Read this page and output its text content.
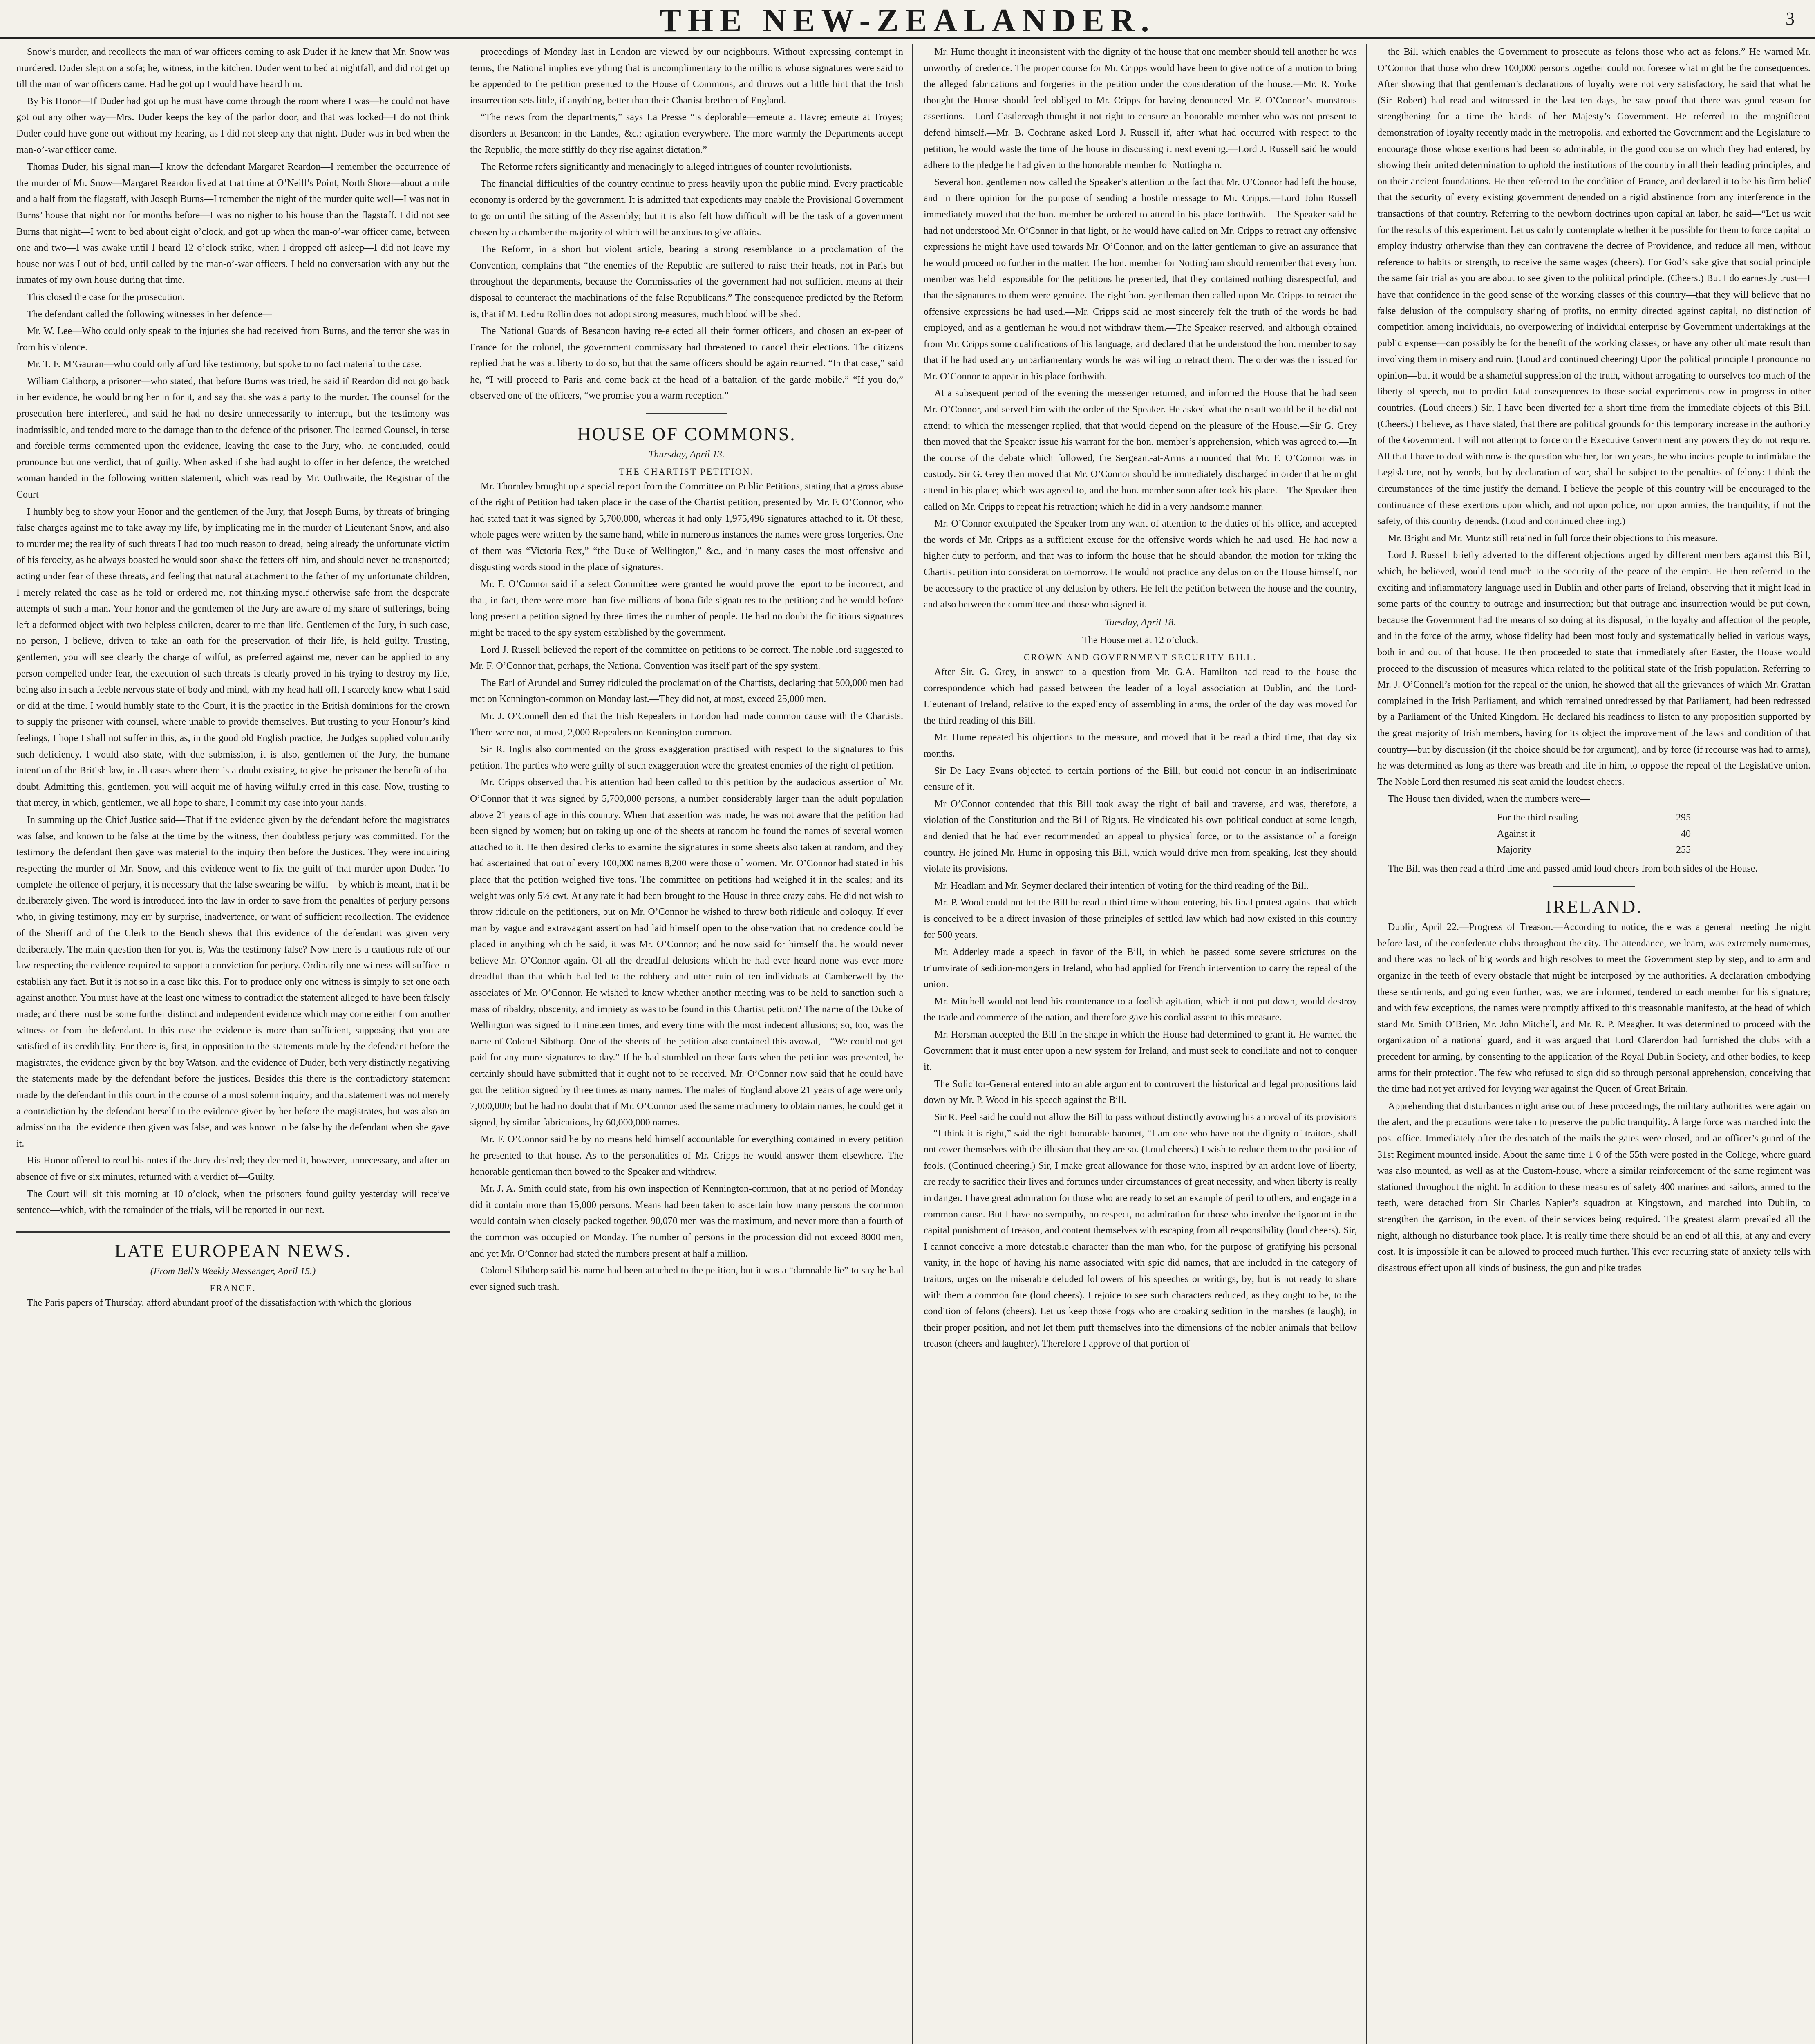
THE NEW-ZEALANDER.	3

Snow’s murder, and recollects the man of war officers coming to ask Duder if he knew that Mr. Snow was murdered. Duder slept on a sofa; he, witness, in the kitchen. Duder went to bed at nightfall, and did not get up till the man of war officers came. Had he got up I would have heard him.

By his Honor—If Duder had got up he must have come through the room where I was—he could not have got out any other way—Mrs. Duder keeps the key of the parlor door, and that was locked—I do not think Duder could have gone out without my hearing, as I did not sleep any that night. Duder was in bed when the man-o’-war officer came.

Thomas Duder, his signal man—I know the defendant Margaret Reardon—I remember the occurrence of the murder of Mr. Snow—Margaret Reardon lived at that time at O’Neill’s Point, North Shore—about a mile and a half from the flagstaff, with Joseph Burns—I remember the night of the murder quite well—I was not in Burns’ house that night nor for months before—I was no nigher to his house than the flagstaff. I did not see Burns that night—I went to bed about eight o’clock, and got up when the man-o’-war officer came, between one and two—I was awake until I heard 12 o’clock strike, when I dropped off asleep—I did not leave my house nor was I out of bed, until called by the man-o’-war officers. I held no conversation with any but the inmates of my own house during that time.

This closed the case for the prosecution.

The defendant called the following witnesses in her defence—

Mr. W. Lee—Who could only speak to the injuries she had received from Burns, and the terror she was in from his violence.

Mr. T. F. M’Gauran—who could only afford like testimony, but spoke to no fact material to the case.

William Calthorp, a prisoner—who stated, that before Burns was tried, he said if Reardon did not go back in her evidence, he would bring her in for it, and say that she was a party to the murder. The counsel for the prosecution here interfered, and said he had no desire unnecessarily to interrupt, but the testimony was inadmissible, and tended more to the damage than to the defence of the prisoner. The learned Counsel, in terse and forcible terms commented upon the evidence, leaving the case to the Jury, who, he concluded, could pronounce but one verdict, that of guilty. When asked if she had aught to offer in her defence, the wretched woman handed in the following written statement, which was read by Mr. Outhwaite, the Registrar of the Court—

I humbly beg to show your Honor and the gentlemen of the Jury, that Joseph Burns, by threats of bringing false charges against me to take away my life, by implicating me in the murder of Lieutenant Snow, and also to murder me; the reality of such threats I had too much reason to dread, being already the unfortunate victim of his ferocity, as he always boasted he would soon shake the fetters off him, and should never be transported; acting under fear of these threats, and feeling that natural attachment to the father of my unfortunate children, I merely related the case as he told or ordered me, not thinking myself otherwise safe from the desperate attempts of such a man. Your honor and the gentlemen of the Jury are aware of my share of sufferings, being left a deformed object with two helpless children, dearer to me than life. Gentlemen of the Jury, in such case, no person, I believe, driven to take an oath for the preservation of their life, is held guilty. Trusting, gentlemen, you will see clearly the charge of wilful, as preferred against me, never can be applied to any person compelled under fear, the execution of such threats is clearly proved in his trying to destroy my life, being also in such a feeble nervous state of body and mind, with my head half off, I scarcely knew what I said or did at the time. I would humbly state to the Court, it is the practice in the British dominions for the crown to supply the prisoner with counsel, where unable to provide themselves. But trusting to your Honour’s kind feelings, I hope I shall not suffer in this, as, in the good old English practice, the Judges supplied voluntarily such deficiency. I would also state, with due submission, it is also, gentlemen of the Jury, the humane intention of the British law, in all cases where there is a doubt existing, to give the prisoner the benefit of that doubt. Admitting this, gentlemen, you will acquit me of having wilfully erred in this case. Now, trusting to that mercy, in which, gentlemen, we all hope to share, I commit my case into your hands.

In summing up the Chief Justice said—That if the evidence given by the defendant before the magistrates was false, and known to be false at the time by the witness, then doubtless perjury was committed. For the testimony the defendant then gave was material to the inquiry then before the Justices. They were inquiring respecting the murder of Mr. Snow, and this evidence went to fix the guilt of that murder upon Duder. To complete the offence of perjury, it is necessary that the false swearing be wilful—by which is meant, that it be deliberately given. The word is introduced into the law in order to save from the penalties of perjury persons who, in giving testimony, may err by surprise, inadvertence, or want of sufficient recollection. The evidence of the Sheriff and of the Clerk to the Bench shews that this evidence of the defendant was given very deliberately. The main question then for you is, Was the testimony false? Now there is a cautious rule of our law respecting the evidence required to support a conviction for perjury. Ordinarily one witness will suffice to establish any fact. But it is not so in a case like this. For to produce only one witness is simply to set one oath against another. You must have at the least one witness to contradict the statement alleged to have been falsely made; and there must be some further distinct and independent evidence which may come either from another witness or from the defendant. In this case the evidence is more than sufficient, supposing that you are satisfied of its credibility. For there is, first, in opposition to the statements made by the defendant before the magistrates, the evidence given by the boy Watson, and the evidence of Duder, both very distinctly negativing the statements made by the defendant before the justices. Besides this there is the contradictory statement made by the defendant in this court in the course of a most solemn inquiry; and that statement was not merely a contradiction by the defendant herself to the evidence given by her before the magistrates, but was also an admission that the evidence then given was false, and was known to be false by the defendant when she gave it.

His Honor offered to read his notes if the Jury desired; they deemed it, however, unnecessary, and after an absence of five or six minutes, returned with a verdict of—Guilty.

The Court will sit this morning at 10 o’clock, when the prisoners found guilty yesterday will receive sentence—which, with the remainder of the trials, will be reported in our next.

LATE EUROPEAN NEWS.
(From Bell’s Weekly Messenger, April 15.)
FRANCE.

The Paris papers of Thursday, afford abundant proof of the dissatisfaction with which the glorious

proceedings of Monday last in London are viewed by our neighbours. Without expressing contempt in terms, the National implies everything that is uncomplimentary to the millions whose signatures were said to be appended to the petition presented to the House of Commons, and throws out a little hint that the Irish insurrection sets little, if anything, better than their Chartist brethren of England.

“The news from the departments,” says La Presse “is deplorable—emeute at Havre; emeute at Troyes; disorders at Besancon; in the Landes, &c.; agitation everywhere. The more warmly the Departments accept the Republic, the more stiffly do they rise against dictation.”

The Reforme refers significantly and menacingly to alleged intrigues of counter revolutionists.

The financial difficulties of the country continue to press heavily upon the public mind. Every practicable economy is ordered by the government. It is admitted that expedients may enable the Provisional Government to go on until the sitting of the Assembly; but it is also felt how difficult will be the task of a government chosen by a chamber the majority of which will be anxious to give affairs.

The Reform, in a short but violent article, bearing a strong resemblance to a proclamation of the Convention, complains that “the enemies of the Republic are suffered to raise their heads, not in Paris but throughout the departments, because the Commissaries of the government had not sufficient means at their disposal to counteract the machinations of the false Republicans.” The consequence predicted by the Reform is, that if M. Ledru Rollin does not adopt strong measures, much blood will be shed.

The National Guards of Besancon having re-elected all their former officers, and chosen an ex-peer of France for the colonel, the government commissary had threatened to cancel their elections. The citizens replied that he was at liberty to do so, but that the same officers should be again returned. “In that case,” said he, “I will proceed to Paris and come back at the head of a battalion of the garde mobile.” “If you do,” observed one of the officers, “we promise you a warm reception.”

HOUSE OF COMMONS.
Thursday, April 13.
THE CHARTIST PETITION.

Mr. Thornley brought up a special report from the Committee on Public Petitions, stating that a gross abuse of the right of Petition had taken place in the case of the Chartist petition, presented by Mr. F. O’Connor, who had stated that it was signed by 5,700,000, whereas it had only 1,975,496 signatures attached to it. Of these, whole pages were written by the same hand, while in numerous instances the names were gross forgeries. One of them was “Victoria Rex,” “the Duke of Wellington,” &c., and in many cases the most offensive and disgusting words stood in the place of signatures.

Mr. F. O’Connor said if a select Committee were granted he would prove the report to be incorrect, and that, in fact, there were more than five millions of bona fide signatures to the petition; and he would before long present a petition signed by three times the number of people. He had no doubt the fictitious signatures might be traced to the spy system established by the government.

Lord J. Russell believed the report of the committee on petitions to be correct. The noble lord suggested to Mr. F. O’Connor that, perhaps, the National Convention was itself part of the spy system.

The Earl of Arundel and Surrey ridiculed the proclamation of the Chartists, declaring that 500,000 men had met on Kennington-common on Monday last.—They did not, at most, exceed 25,000 men.

Mr. J. O’Connell denied that the Irish Repealers in London had made common cause with the Chartists. There were not, at most, 2,000 Repealers on Kennington-common.

Sir R. Inglis also commented on the gross exaggeration practised with respect to the signatures to this petition. The parties who were guilty of such exaggeration were the greatest enemies of the right of petition.

Mr. Cripps observed that his attention had been called to this petition by the audacious assertion of Mr. O’Connor that it was signed by 5,700,000 persons, a number considerably larger than the adult population above 21 years of age in this country. When that assertion was made, he was not aware that the petition had been signed by women; but on taking up one of the sheets at random he found the names of several women attached to it. He then desired clerks to examine the signatures in some sheets also taken at random, and they had ascertained that out of every 100,000 names 8,200 were those of women. Mr. O’Connor had stated in his place that the petition weighed five tons. The committee on petitions had weighed it in the scales; and its weight was only 5½ cwt. At any rate it had been brought to the House in three crazy cabs. He did not wish to throw ridicule on the petitioners, but on Mr. O’Connor he wished to throw both ridicule and obloquy. If ever man by vague and extravagant assertion had laid himself open to the observation that no credence could be placed in anything which he said, it was Mr. O’Connor; and he now said for himself that he would never believe Mr. O’Connor again. Of all the dreadful delusions which he had ever heard none was ever more dreadful than that which had led to the robbery and utter ruin of ten individuals at Camberwell by the associates of Mr. O’Connor. He wished to know whether another meeting was to be held to sanction such a mass of ribaldry, obscenity, and impiety as was to be found in this Chartist petition? The name of the Duke of Wellington was signed to it nineteen times, and every time with the most indecent allusions; so, too, was the name of Colonel Sibthorp. One of the sheets of the petition also contained this avowal,—“We could not get paid for any more signatures to-day.” If he had stumbled on these facts when the petition was presented, he certainly should have submitted that it ought not to be received. Mr. O’Connor now said that he could have got the petition signed by three times as many names. The males of England above 21 years of age were only 7,000,000; but he had no doubt that if Mr. O’Connor used the same machinery to obtain names, he could get it signed, by similar fabrications, by 60,000,000 names.

Mr. F. O’Connor said he by no means held himself accountable for everything contained in every petition he presented to that house. As to the personalities of Mr. Cripps he would answer them elsewhere. The honorable gentleman then bowed to the Speaker and withdrew.

Mr. J. A. Smith could state, from his own inspection of Kennington-common, that at no period of Monday did it contain more than 15,000 persons. Means had been taken to ascertain how many persons the common would contain when closely packed together. 90,070 men was the maximum, and never more than a fourth of the common was occupied on Monday. The number of persons in the procession did not exceed 8000 men, and yet Mr. O’Connor had stated the numbers present at half a million.

Colonel Sibthorp said his name had been attached to the petition, but it was a “damnable lie” to say he had ever signed such trash.

Mr. Hume thought it inconsistent with the dignity of the house that one member should tell another he was unworthy of credence. The proper course for Mr. Cripps would have been to give notice of a motion to bring the alleged fabrications and forgeries in the petition under the consideration of the house.—Mr. R. Yorke thought the House should feel obliged to Mr. Cripps for having denounced Mr. F. O’Connor’s monstrous assertions.—Lord Castlereagh thought it not right to censure an honorable member who was not present to defend himself.—Mr. B. Cochrane asked Lord J. Russell if, after what had occurred with respect to the petition, he would waste the time of the house in discussing it next evening.—Lord J. Russell said he would adhere to the pledge he had given to the honorable member for Nottingham.

Several hon. gentlemen now called the Speaker’s attention to the fact that Mr. O’Connor had left the house, and in there opinion for the purpose of sending a hostile message to Mr. Cripps.—Lord John Russell immediately moved that the hon. member be ordered to attend in his place forthwith.—The Speaker said he had not understood Mr. O’Connor in that light, or he would have called on Mr. Cripps to retract any offensive expressions he might have used towards Mr. O’Connor, and on the latter gentleman to give an assurance that he would proceed no further in the matter. The hon. member for Nottingham should remember that every hon. member was held responsible for the petitions he presented, that they contained nothing disrespectful, and that the signatures to them were genuine. The right hon. gentleman then called upon Mr. Cripps to retract the offensive expressions he had used.—Mr. Cripps said he most sincerely felt the truth of the words he had employed, and as a gentleman he would not withdraw them.—The Speaker reserved, and although obtained from Mr. Cripps some qualifications of his language, and declared that he understood the hon. member to say that if he had used any unparliamentary words he was willing to retract them. The order was then issued for Mr. O’Connor to appear in his place forthwith.

At a subsequent period of the evening the messenger returned, and informed the House that he had seen Mr. O’Connor, and served him with the order of the Speaker. He asked what the result would be if he did not attend; to which the messenger replied, that that would depend on the pleasure of the House.—Sir G. Grey then moved that the Speaker issue his warrant for the hon. member’s apprehension, which was agreed to.—In the course of the debate which followed, the Sergeant-at-Arms announced that Mr. F. O’Connor was in custody. Sir G. Grey then moved that Mr. O’Connor should be immediately discharged in order that he might attend in his place; which was agreed to, and the hon. member soon after took his place.—The Speaker then called on Mr. Cripps to repeat his retraction; which he did in a very handsome manner.

Mr. O’Connor exculpated the Speaker from any want of attention to the duties of his office, and accepted the words of Mr. Cripps as a sufficient excuse for the offensive words which he had used. He had now a higher duty to perform, and that was to inform the house that he should abandon the motion for taking the Chartist petition into consideration to-morrow. He would not practice any delusion on the House himself, nor be accessory to the practice of any delusion by others. He left the petition between the house and the country, and also between the committee and those who signed it.

Tuesday, April 18.

The House met at 12 o’clock.

CROWN AND GOVERNMENT SECURITY BILL.

After Sir. G. Grey, in answer to a question from Mr. G.A. Hamilton had read to the house the correspondence which had passed between the leader of a loyal association at Dublin, and the Lord-Lieutenant of Ireland, relative to the expediency of assembling in arms, the order of the day was moved for the third reading of this Bill.

Mr. Hume repeated his objections to the measure, and moved that it be read a third time, that day six months.

Sir De Lacy Evans objected to certain portions of the Bill, but could not concur in an indiscriminate censure of it.

Mr O’Connor contended that this Bill took away the right of bail and traverse, and was, therefore, a violation of the Constitution and the Bill of Rights. He vindicated his own political conduct at some length, and denied that he had ever recommended an appeal to physical force, or to the assistance of a foreign country. He joined Mr. Hume in opposing this Bill, which would drive men from speaking, lest they should violate its provisions.

Mr. Headlam and Mr. Seymer declared their intention of voting for the third reading of the Bill.

Mr. P. Wood could not let the Bill be read a third time without entering, his final protest against that which is conceived to be a direct invasion of those principles of settled law which had now existed in this country for 500 years.

Mr. Adderley made a speech in favor of the Bill, in which he passed some severe strictures on the triumvirate of sedition-mongers in Ireland, who had applied for French intervention to carry the repeal of the union.

Mr. Mitchell would not lend his countenance to a foolish agitation, which it not put down, would destroy the trade and commerce of the nation, and therefore gave his cordial assent to this measure.

Mr. Horsman accepted the Bill in the shape in which the House had determined to grant it. He warned the Government that it must enter upon a new system for Ireland, and must seek to conciliate and not to conquer it.

The Solicitor-General entered into an able argument to controvert the historical and legal propositions laid down by Mr. P. Wood in his speech against the Bill.

Sir R. Peel said he could not allow the Bill to pass without distinctly avowing his approval of its provisions —“I think it is right,” said the right honorable baronet, “I am one who have not the dignity of traitors, shall not cover themselves with the illusion that they are so. (Loud cheers.) I wish to reduce them to the position of fools. (Continued cheering.) Sir, I make great allowance for those who, inspired by an ardent love of liberty, are ready to sacrifice their lives and fortunes under circumstances of great necessity, and when liberty is really in danger. I have great admiration for those who are ready to set an example of peril to others, and engage in a common cause. But I have no sympathy, no respect, no admiration for those who involve the ignorant in the capital punishment of treason, and content themselves with escaping from all responsibility (loud cheers). Sir, I cannot conceive a more detestable character than the man who, for the purpose of gratifying his personal vanity, in the hope of having his name associated with spic did names, that are included in the category of traitors, urges on the miserable deluded followers of his speeches or writings, by; but is not ready to share with them a common fate (loud cheers). I rejoice to see such characters reduced, as they ought to be, to the condition of felons (cheers). Let us keep those frogs who are croaking sedition in the marshes (a laugh), in their proper position, and not let them puff themselves into the dimensions of the nobler animals that bellow treason (cheers and laughter). Therefore I approve of that portion of

the Bill which enables the Government to prosecute as felons those who act as felons.” He warned Mr. O’Connor that those who drew 100,000 persons together could not foresee what might be the consequences. After showing that that gentleman’s declarations of loyalty were not very satisfactory, he said that what he (Sir Robert) had read and witnessed in the last ten days, he saw proof that there was good reason for strengthening for a time the hands of her Majesty’s Government. He referred to the magnificent demonstration of loyalty recently made in the metropolis, and exhorted the Government and the Legislature to encourage those whose exertions had been so admirable, in the good course on which they had entered, by showing their united determination to uphold the institutions of the country in all their leading principles, and on their ancient foundations. He then referred to the condition of France, and declared it to be his firm belief that the security of every existing government depended on a rigid abstinence from any interference in the transactions of that country. Referring to the newborn doctrines upon capital an labor, he said—“Let us wait for the results of this experiment. Let us calmly contemplate whether it be possible for them to force capital to employ industry otherwise than they can contravene the decree of Providence, and reduce all men, without reference to habits or strength, to receive the same wages (cheers). For God’s sake give that social principle the same fair trial as you are about to see given to the political principle. (Cheers.) But I do earnestly trust—I have that confidence in the good sense of the working classes of this country—that they will believe that no false delusion of the compulsory sharing of profits, no enmity directed against capital, no distinction of competition among individuals, no overpowering of individual enterprise by Government undertakings at the public expense—can possibly be for the benefit of the working classes, or have any other ultimate result than involving them in misery and ruin. (Loud and continued cheering) Upon the political principle I pronounce no opinion—but it would be a shameful suppression of the truth, without arrogating to ourselves too much of the liberty of speech, not to predict fatal consequences to those social experiments now in progress in other countries. (Loud cheers.) Sir, I have been diverted for a short time from the immediate objects of this Bill. (Cheers.) I believe, as I have stated, that there are political grounds for this temporary increase in the authority of the Government. I will not attempt to force on the Executive Government any powers they do not require. All that I have to deal with now is the question whether, for two years, he who incites people to intimidate the Legislature, not by words, but by declaration of war, shall be subject to the penalties of felony: I think the circumstances of the time justify the demand. I believe the people of this country will be encouraged to the continuance of these exertions upon which, and not upon police, nor upon armies, the tranquility, if not the safety, of this country depends. (Loud and continued cheering.)

Mr. Bright and Mr. Muntz still retained in full force their objections to this measure.

Lord J. Russell briefly adverted to the different objections urged by different members against this Bill, which, he believed, would tend much to the security of the peace of the empire. He then referred to the exciting and inflammatory language used in Dublin and other parts of Ireland, observing that it might lead in some parts of the country to outrage and insurrection; but that outrage and insurrection would be put down, because the Government had the means of so doing at its disposal, in the loyalty and affection of the people, and in the force of the army, whose fidelity had been most fouly and systematically belied in various ways, both in and out of that house. He then proceeded to state that immediately after Easter, the House would proceed to the discussion of measures which related to the political state of the Irish population. Referring to Mr. J. O’Connell’s motion for the repeal of the union, he showed that all the grievances of which Mr. Grattan complained in the Irish Parliament, and which remained unredressed by that Parliament, had been redressed by a Parliament of the United Kingdom. He declared his readiness to listen to any proposition supported by the great majority of Irish members, having for its object the improvement of the laws and condition of that country—but by discussion (if the choice should be for argument), and by force (if recourse was had to arms), he was determined as long as there was breath and life in him, to oppose the repeal of the Legislative union. The Noble Lord then resumed his seat amid the loudest cheers.

The House then divided, when the numbers were—

For the third reading	295
Against it	40
Majority	255

The Bill was then read a third time and passed amid loud cheers from both sides of the House.

IRELAND.

Dublin, April 22.—Progress of Treason.—According to notice, there was a general meeting the night before last, of the confederate clubs throughout the city. The attendance, we learn, was extremely numerous, and there was no lack of big words and high resolves to meet the Government step by step, and to arm and organize in the teeth of every obstacle that might be interposed by the authorities. A declaration embodying these sentiments, and going even further, was, we are informed, tendered to each member for his signature; and with few exceptions, the names were promptly affixed to this treasonable manifesto, at the head of which stand Mr. Smith O’Brien, Mr. John Mitchell, and Mr. R. P. Meagher. It was determined to proceed with the organization of a national guard, and it was argued that Lord Clarendon had furnished the clubs with a precedent for arming, by consenting to the application of the Royal Dublin Society, and other bodies, to keep arms for their protection. The few who refused to sign did so through personal apprehension, conceiving that the time had not yet arrived for levying war against the Queen of Great Britain.

Apprehending that disturbances might arise out of these proceedings, the military authorities were again on the alert, and the precautions were taken to preserve the public tranquility. A large force was marched into the post office. Immediately after the despatch of the mails the gates were closed, and an officer’s guard of the 31st Regiment mounted inside. About the same time 1 0 of the 55th were posted in the College, where guard was also mounted, as well as at the Custom-house, where a similar reinforcement of the same regiment was stationed throughout the night. In addition to these measures of safety 400 marines and sailors, armed to the teeth, were detached from Sir Charles Napier’s squadron at Kingstown, and marched into Dublin, to strengthen the garrison, in the event of their services being required. The greatest alarm prevailed all the night, although no disturbance took place. It is really time there should be an end of all this, at any and every cost. It is impossible it can be allowed to proceed much further. This ever recurring state of anxiety tells with disastrous effect upon all kinds of business, the gun and pike trades
